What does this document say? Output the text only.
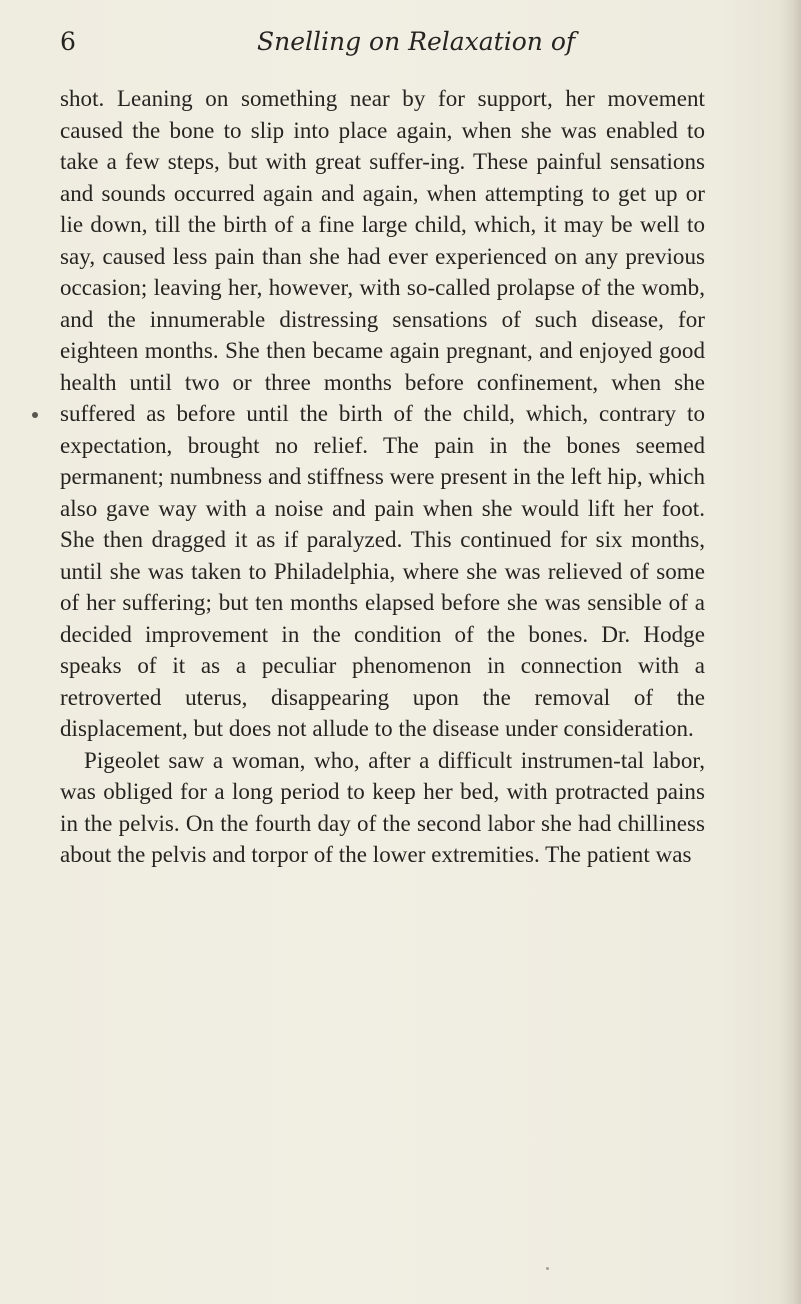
6	Snelling on Relaxation of

shot. Leaning on something near by for support, her movement caused the bone to slip into place again, when she was enabled to take a few steps, but with great suffer-ing. These painful sensations and sounds occurred again and again, when attempting to get up or lie down, till the birth of a fine large child, which, it may be well to say, caused less pain than she had ever experienced on any previous occasion; leaving her, however, with so-called prolapse of the womb, and the innumerable distressing sensations of such disease, for eighteen months. She then became again pregnant, and enjoyed good health until two or three months before confinement, when she suffered as before until the birth of the child, which, contrary to expectation, brought no relief. The pain in the bones seemed permanent; numbness and stiffness were present in the left hip, which also gave way with a noise and pain when she would lift her foot. She then dragged it as if paralyzed. This continued for six months, until she was taken to Philadelphia, where she was relieved of some of her suffering; but ten months elapsed before she was sensible of a decided improvement in the condition of the bones. Dr. Hodge speaks of it as a peculiar phenomenon in connection with a retroverted uterus, disappearing upon the removal of the displacement, but does not allude to the disease under consideration.

Pigeolet saw a woman, who, after a difficult instrumen-tal labor, was obliged for a long period to keep her bed, with protracted pains in the pelvis. On the fourth day of the second labor she had chilliness about the pelvis and torpor of the lower extremities. The patient was
